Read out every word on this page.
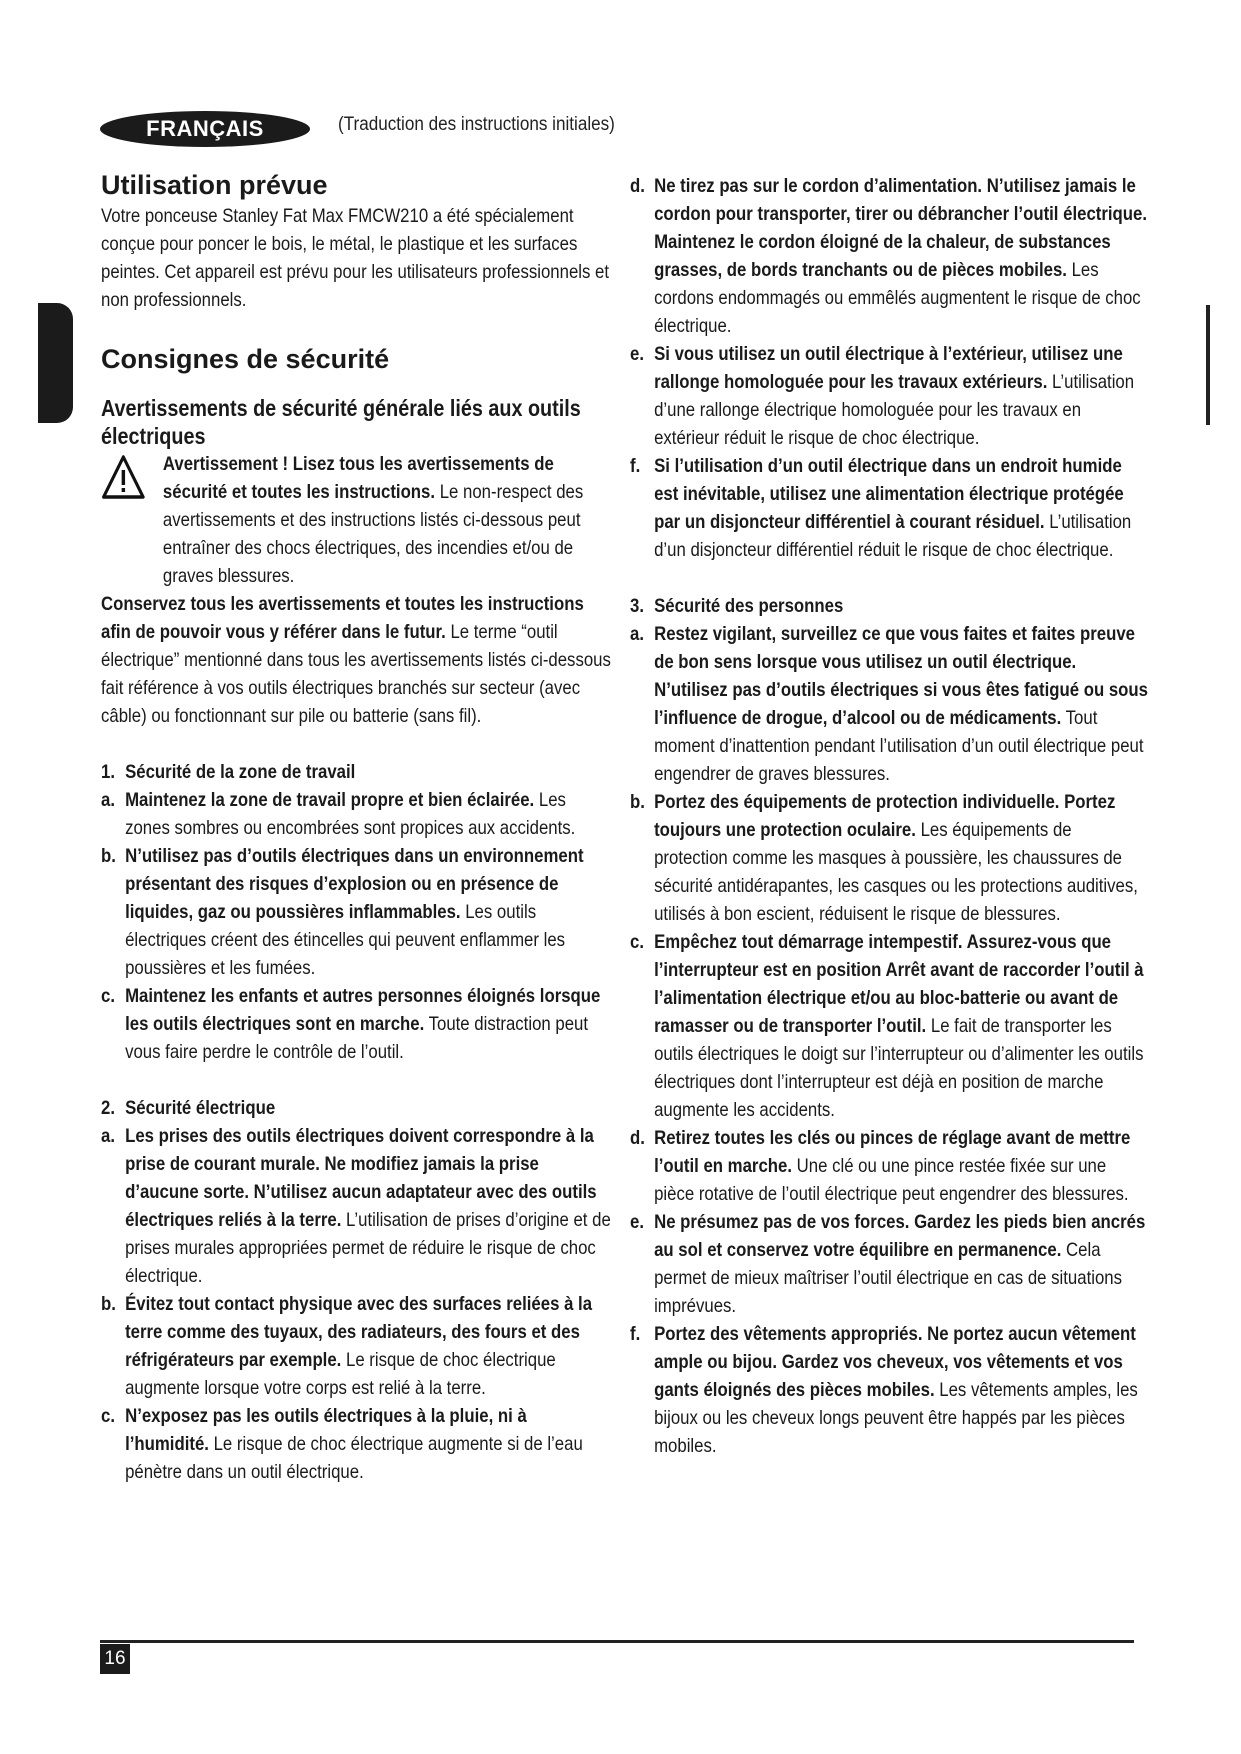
FRANÇAIS	(Traduction des instructions initiales)
Utilisation prévue

Votre ponceuse Stanley Fat Max FMCW210 a été spécialement conçue pour poncer le bois, le métal, le plastique et les surfaces peintes. Cet appareil est prévu pour les utilisateurs professionnels et non professionnels.

Consignes de sécurité

Avertissements de sécurité générale liés aux outils électriques

Avertissement ! Lisez tous les avertissements de sécurité et toutes les instructions. Le non-respect des avertissements et des instructions listés ci-dessous peut entraîner des chocs électriques, des incendies et/ou de graves blessures.

Conservez tous les avertissements et toutes les instructions afin de pouvoir vous y référer dans le futur. Le terme “outil électrique” mentionné dans tous les avertissements listés ci-dessous fait référence à vos outils électriques branchés sur secteur (avec câble) ou fonctionnant sur pile ou batterie (sans fil).

1. Sécurité de la zone de travail
a. Maintenez la zone de travail propre et bien éclairée. Les zones sombres ou encombrées sont propices aux accidents.
b. N’utilisez pas d’outils électriques dans un environnement présentant des risques d’explosion ou en présence de liquides, gaz ou poussières inflammables. Les outils électriques créent des étincelles qui peuvent enflammer les poussières et les fumées.
c. Maintenez les enfants et autres personnes éloignés lorsque les outils électriques sont en marche. Toute distraction peut vous faire perdre le contrôle de l’outil.
2. Sécurité électrique
a. Les prises des outils électriques doivent correspondre à la prise de courant murale. Ne modifiez jamais la prise d’aucune sorte. N’utilisez aucun adaptateur avec des outils électriques reliés à la terre. L’utilisation de prises d’origine et de prises murales appropriées permet de réduire le risque de choc électrique.
b. Évitez tout contact physique avec des surfaces reliées à la terre comme des tuyaux, des radiateurs, des fours et des réfrigérateurs par exemple. Le risque de choc électrique augmente lorsque votre corps est relié à la terre.
c. N’exposez pas les outils électriques à la pluie, ni à l’humidité. Le risque de choc électrique augmente si de l’eau pénètre dans un outil électrique.
d. Ne tirez pas sur le cordon d’alimentation. N’utilisez jamais le cordon pour transporter, tirer ou débrancher l’outil électrique. Maintenez le cordon éloigné de la chaleur, de substances grasses, de bords tranchants ou de pièces mobiles. Les cordons endommagés ou emmêlés augmentent le risque de choc électrique.
e. Si vous utilisez un outil électrique à l’extérieur, utilisez une rallonge homologuée pour les travaux extérieurs. L’utilisation d’une rallonge électrique homologuée pour les travaux en extérieur réduit le risque de choc électrique.
f. Si l’utilisation d’un outil électrique dans un endroit humide est inévitable, utilisez une alimentation électrique protégée par un disjoncteur différentiel à courant résiduel. L’utilisation d’un disjoncteur différentiel réduit le risque de choc électrique.
3. Sécurité des personnes
a. Restez vigilant, surveillez ce que vous faites et faites preuve de bon sens lorsque vous utilisez un outil électrique. N’utilisez pas d’outils électriques si vous êtes fatigué ou sous l’influence de drogue, d’alcool ou de médicaments. Tout moment d’inattention pendant l’utilisation d’un outil électrique peut engendrer de graves blessures.
b. Portez des équipements de protection individuelle. Portez toujours une protection oculaire. Les équipements de protection comme les masques à poussière, les chaussures de sécurité antidérapantes, les casques ou les protections auditives, utilisés à bon escient, réduisent le risque de blessures.
c. Empêchez tout démarrage intempestif. Assurez-vous que l’interrupteur est en position Arrêt avant de raccorder l’outil à l’alimentation électrique et/ou au bloc-batterie ou avant de ramasser ou de transporter l’outil. Le fait de transporter les outils électriques le doigt sur l’interrupteur ou d’alimenter les outils électriques dont l’interrupteur est déjà en position de marche augmente les accidents.
d. Retirez toutes les clés ou pinces de réglage avant de mettre l’outil en marche. Une clé ou une pince restée fixée sur une pièce rotative de l’outil électrique peut engendrer des blessures.
e. Ne présumez pas de vos forces. Gardez les pieds bien ancrés au sol et conservez votre équilibre en permanence. Cela permet de mieux maîtriser l’outil électrique en cas de situations imprévues.
f. Portez des vêtements appropriés. Ne portez aucun vêtement ample ou bijou. Gardez vos cheveux, vos vêtements et vos gants éloignés des pièces mobiles. Les vêtements amples, les bijoux ou les cheveux longs peuvent être happés par les pièces mobiles.
16
